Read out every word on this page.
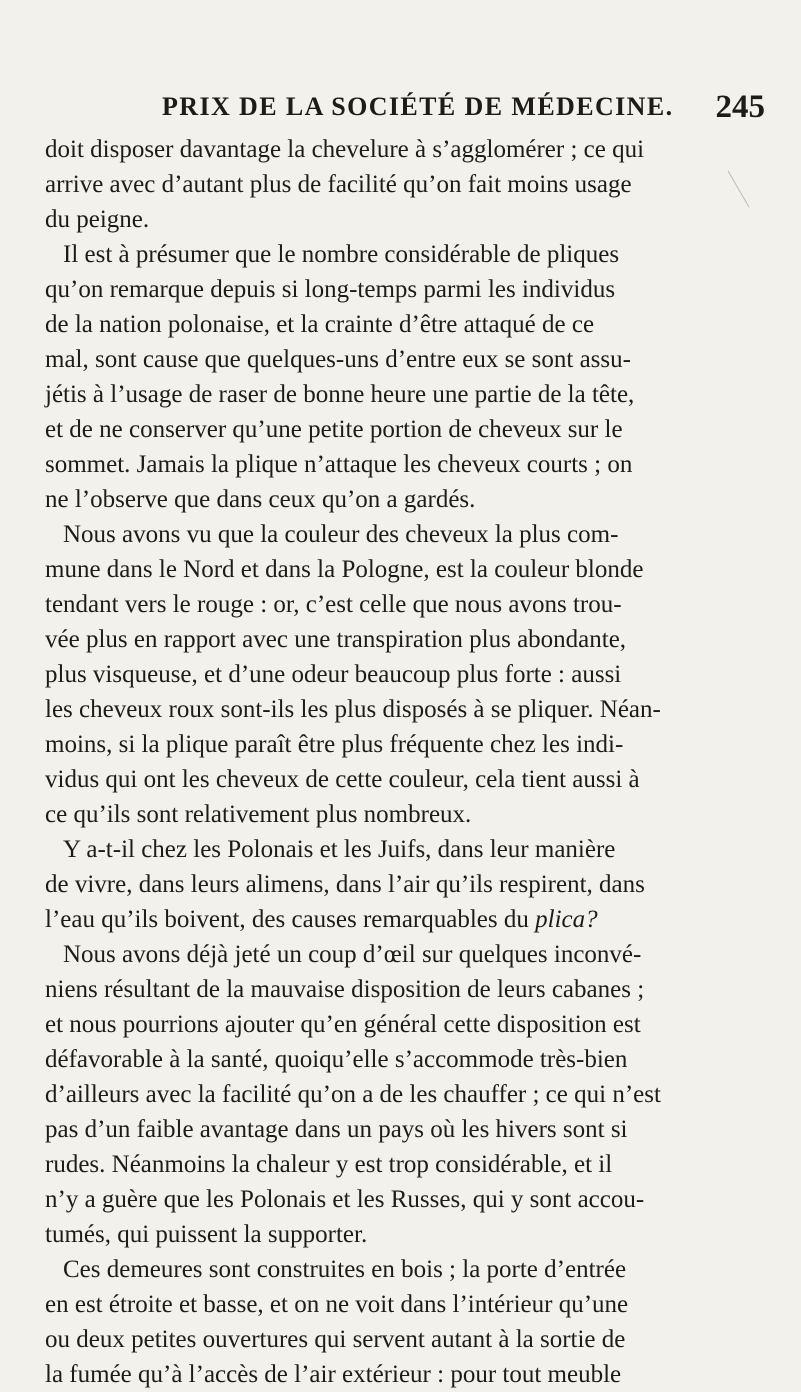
PRIX DE LA SOCIÉTÉ DE MÉDECINE. 245
doit disposer davantage la chevelure à s’agglomérer ; ce qui
arrive avec d’autant plus de facilité qu’on fait moins usage
du peigne.
Il est à présumer que le nombre considérable de pliques
qu’on remarque depuis si long-temps parmi les individus
de la nation polonaise, et la crainte d’être attaqué de ce
mal, sont cause que quelques-uns d’entre eux se sont assu-
jétis à l’usage de raser de bonne heure une partie de la tête,
et de ne conserver qu’une petite portion de cheveux sur le
sommet. Jamais la plique n’attaque les cheveux courts ; on
ne l’observe que dans ceux qu’on a gardés.
Nous avons vu que la couleur des cheveux la plus com-
mune dans le Nord et dans la Pologne, est la couleur blonde
tendant vers le rouge : or, c’est celle que nous avons trou-
vée plus en rapport avec une transpiration plus abondante,
plus visqueuse, et d’une odeur beaucoup plus forte : aussi
les cheveux roux sont-ils les plus disposés à se pliquer. Néan-
moins, si la plique paraît être plus fréquente chez les indi-
vidus qui ont les cheveux de cette couleur, cela tient aussi à
ce qu’ils sont relativement plus nombreux.
Y a-t-il chez les Polonais et les Juifs, dans leur manière
de vivre, dans leurs alimens, dans l’air qu’ils respirent, dans
l’eau qu’ils boivent, des causes remarquables du
plica?
Nous avons déjà jeté un coup d’œil sur quelques inconvé-
niens résultant de la mauvaise disposition de leurs cabanes ;
et nous pourrions ajouter qu’en général cette disposition est
défavorable à la santé, quoiqu’elle s’accommode très-bien
d’ailleurs avec la facilité qu’on a de les chauffer ; ce qui n’est
pas d’un faible avantage dans un pays où les hivers sont si
rudes. Néanmoins la chaleur y est trop considérable, et il
n’y a guère que les Polonais et les Russes, qui y sont accou-
tumés, qui puissent la supporter.
Ces demeures sont construites en bois ; la porte d’entrée
en est étroite et basse, et on ne voit dans l’intérieur qu’une
ou deux petites ouvertures qui servent autant à la sortie de
la fumée qu’à l’accès de l’air extérieur : pour tout meuble
